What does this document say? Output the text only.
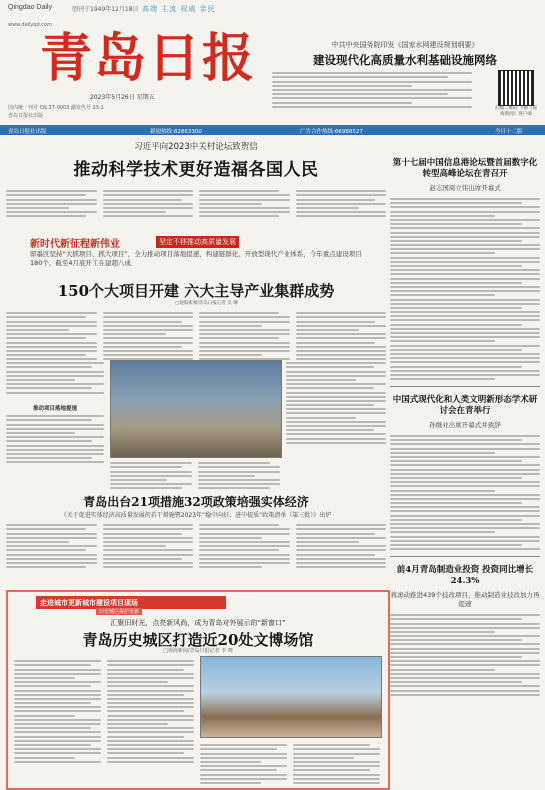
Qingdao Daily	创刊于1949年12月18日 高端 主流 权威 亲民
www.dailyqd.com
青岛日报
2023年5月26日 星期五
国内统一刊号 CN 37-0003 邮发代号 23-1
青岛日报社出版
中共中央国务院印发《国家水网建设规划纲要》
建设现代化高质量水利基础设施网络
扫描二维码 下载《观海新闻》客户端
青岛日报社出版	新闻热线:82863300	广告合作热线:66988527	今日十二版
习近平向2023中关村论坛致贺信
推动科学技术更好造福各国人民
新时代新征程新伟业	坚定不移推动高质量发展
即墨区坚持“大抓项目、抓大项目”，全力推动项目落地提速，构建链群化、开放型现代产业体系，今年重点建设项目180个，截至4月底开工在建超八成
150个大项目开建 六大主导产业集群成势
□观海新闻/青岛日报记者 吴 琳
推动项目落地提速
青岛出台21项措施32项政策培强实体经济
《关于促进实体经济高质量发展的若干措施暨2023年“稳中向好、进中提质”政策清单（第三批）》出炉
走进城市更新城市建设项目现场
历史城区保护更新
汇聚旧时光，点亮新风尚，成为青岛对外展示的“新窗口”
青岛历史城区打造近20处文博场馆
□观海新闻/青岛日报记者 李 晓
第十七届中国信息港论坛暨首届数字化转型高峰论坛在青召开
赵志国周立伟出席开幕式
中国式现代化和人类文明新形态学术研讨会在青举行
孙继业出席开幕式并致辞
前4月青岛制造业投资 投资同比增长 24.3%
将滚动推进439个技改项目，推动制造业技改加力再提速
